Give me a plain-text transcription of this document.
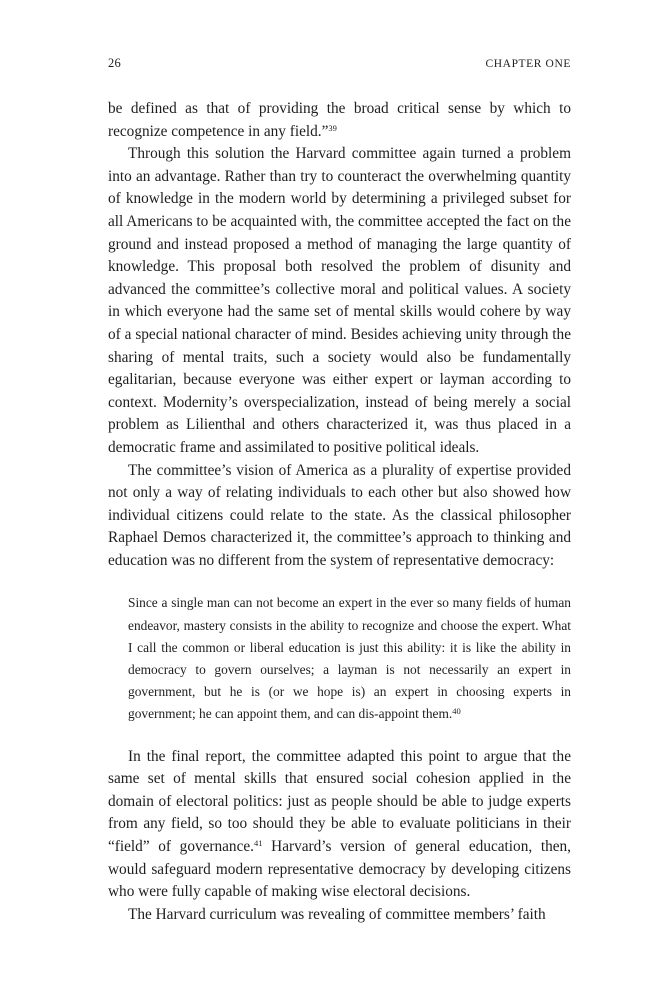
26	CHAPTER ONE

be defined as that of providing the broad critical sense by which to recognize competence in any field.”$^{39}$

Through this solution the Harvard committee again turned a problem into an advantage. Rather than try to counteract the overwhelming quantity of knowledge in the modern world by determining a privileged subset for all Americans to be acquainted with, the committee accepted the fact on the ground and instead proposed a method of managing the large quantity of knowledge. This proposal both resolved the problem of disunity and advanced the committee’s collective moral and political values. A society in which everyone had the same set of mental skills would cohere by way of a special national character of mind. Besides achieving unity through the sharing of mental traits, such a society would also be fundamentally egalitarian, because everyone was either expert or layman according to context. Modernity’s overspecialization, instead of being merely a social problem as Lilienthal and others characterized it, was thus placed in a democratic frame and assimilated to positive political ideals.

The committee’s vision of America as a plurality of expertise provided not only a way of relating individuals to each other but also showed how individual citizens could relate to the state. As the classical philosopher Raphael Demos characterized it, the committee’s approach to thinking and education was no different from the system of representative democracy:

Since a single man can not become an expert in the ever so many fields of human endeavor, mastery consists in the ability to recognize and choose the expert. What I call the common or liberal education is just this ability: it is like the ability in democracy to govern ourselves; a layman is not necessarily an expert in government, but he is (or we hope is) an expert in choosing experts in government; he can appoint them, and can dis-appoint them.$^{40}$

In the final report, the committee adapted this point to argue that the same set of mental skills that ensured social cohesion applied in the domain of electoral politics: just as people should be able to judge experts from any field, so too should they be able to evaluate politicians in their “field” of governance.$^{41}$ Harvard’s version of general education, then, would safeguard modern representative democracy by developing citizens who were fully capable of making wise electoral decisions.

The Harvard curriculum was revealing of committee members’ faith
